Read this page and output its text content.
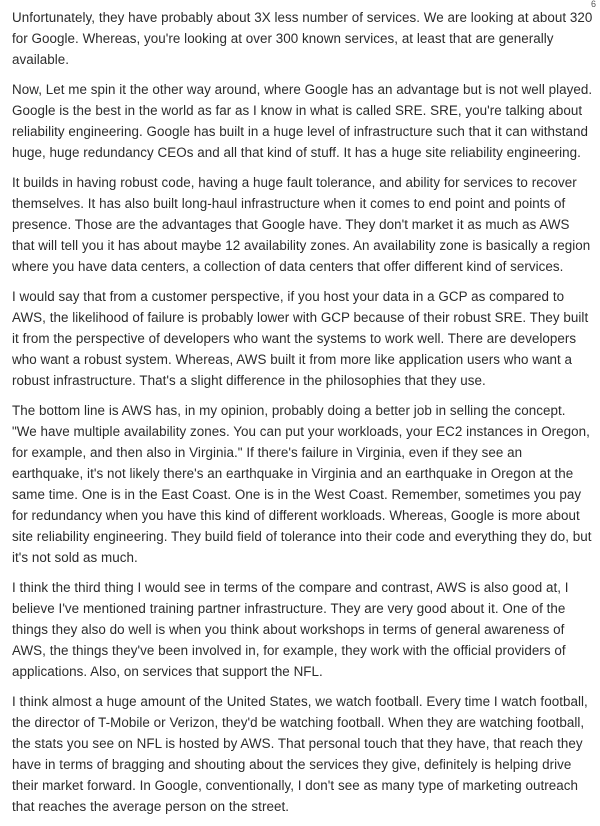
6

Unfortunately, they have probably about 3X less number of services. We are looking at about 320 for Google. Whereas, you're looking at over 300 known services, at least that are generally available.

Now, Let me spin it the other way around, where Google has an advantage but is not well played. Google is the best in the world as far as I know in what is called SRE. SRE, you're talking about reliability engineering. Google has built in a huge level of infrastructure such that it can withstand huge, huge redundancy CEOs and all that kind of stuff. It has a huge site reliability engineering.

It builds in having robust code, having a huge fault tolerance, and ability for services to recover themselves. It has also built long-haul infrastructure when it comes to end point and points of presence. Those are the advantages that Google have. They don't market it as much as AWS that will tell you it has about maybe 12 availability zones. An availability zone is basically a region where you have data centers, a collection of data centers that offer different kind of services.

I would say that from a customer perspective, if you host your data in a GCP as compared to AWS, the likelihood of failure is probably lower with GCP because of their robust SRE. They built it from the perspective of developers who want the systems to work well. There are developers who want a robust system. Whereas, AWS built it from more like application users who want a robust infrastructure. That's a slight difference in the philosophies that they use.

The bottom line is AWS has, in my opinion, probably doing a better job in selling the concept. "We have multiple availability zones. You can put your workloads, your EC2 instances in Oregon, for example, and then also in Virginia." If there's failure in Virginia, even if they see an earthquake, it's not likely there's an earthquake in Virginia and an earthquake in Oregon at the same time. One is in the East Coast. One is in the West Coast. Remember, sometimes you pay for redundancy when you have this kind of different workloads. Whereas, Google is more about site reliability engineering. They build field of tolerance into their code and everything they do, but it's not sold as much.

I think the third thing I would see in terms of the compare and contrast, AWS is also good at, I believe I've mentioned training partner infrastructure. They are very good about it. One of the things they also do well is when you think about workshops in terms of general awareness of AWS, the things they've been involved in, for example, they work with the official providers of applications. Also, on services that support the NFL.

I think almost a huge amount of the United States, we watch football. Every time I watch football, the director of T-Mobile or Verizon, they'd be watching football. When they are watching football, the stats you see on NFL is hosted by AWS. That personal touch that they have, that reach they have in terms of bragging and shouting about the services they give, definitely is helping drive their market forward. In Google, conventionally, I don't see as many type of marketing outreach that reaches the average person on the street.
